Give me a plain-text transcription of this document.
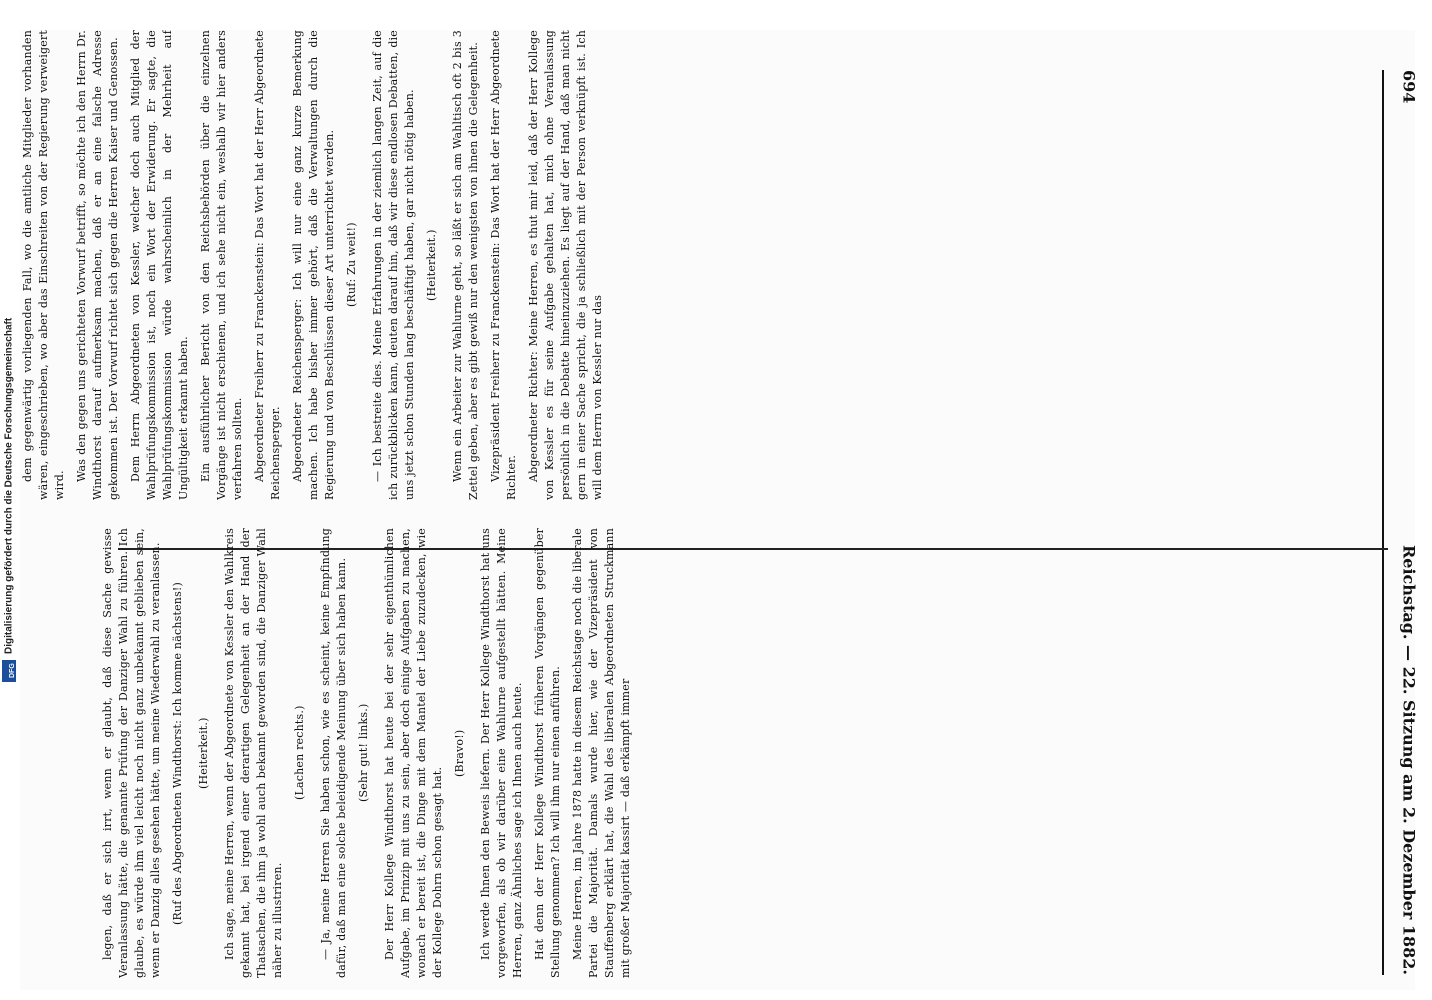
694
Reichstag. — 22. Sitzung am 2. Dezember 1882.

dem gegenwärtig vorliegenden Fall, wo die amtliche Mitglieder vorhanden wären, eingeschrieben, wo aber das Einschreiten von der Regierung verweigert wird.

Was den gegen uns gerichteten Vorwurf betrifft, so möchte ich den Herrn Dr. Windthorst darauf aufmerksam machen, daß er an eine falsche Adresse gekommen ist. Der Vorwurf richtet sich gegen die Herren Kaiser und Genossen. Dem Herrn Abgeordneten von Kessler, welcher doch auch Mitglied der Wahlprüfungskommission ist, noch ein Wort der Erwiderung. Er sagte, die Wahlprüfungskommission würde wahrscheinlich in der Mehrheit auf Ungültigkeit erkannt haben. Ein ausführlicher Bericht von den Reichsbehörden über die einzelnen Vorgänge ist nicht erschienen, und ich sehe nicht ein, weshalb wir hier anders verfahren sollten. Abgeordneter Freiherr zu Franckenstein: Das Wort hat der Herr Abgeordnete Reichensperger. Abgeordneter Reichensperger: Ich will nur eine ganz kurze Bemerkung machen. Ich habe bisher immer gehört, daß die Verwaltungen durch die Regierung und von Beschlüssen dieser Art unterrichtet werden. (Ruf: Zu weit!) — Ich bestreite dies. Meine Erfahrungen in der ziemlich langen Zeit, auf die ich zurückblicken kann, deuten darauf hin, daß wir diese endlosen Debatten, die uns jetzt schon Stunden lang beschäftigt haben, gar nicht nötig haben. (Heiterkeit.) Wenn ein Arbeiter zur Wahlurne geht, so läßt er sich am Wahltisch oft 2 bis 3 Zettel geben, aber es gibt gewiß nur den wenigsten von ihnen die Gelegenheit. Vizepräsident Freiherr zu Franckenstein: Das Wort hat der Herr Abgeordnete Richter. Abgeordneter Richter: Meine Herren, es thut mir leid, daß der Herr Kollege von Kessler es für seine Aufgabe gehalten hat, mich ohne Veranlassung persönlich in die Debatte hineinzuziehen. Es liegt auf der Hand, daß man nicht gern in einer Sache spricht, die ja schließlich mit der Person verknüpft ist. Ich will dem Herrn von Kessler nur das

legen, daß er sich irrt, wenn er glaubt, daß diese Sache gewisse Veranlassung hätte, die genannte Prüfung der Danziger Wahl zu führen. Ich glaube, es würde ihm viel leicht noch nicht ganz unbekannt geblieben sein, wenn er Danzig alles gesehen hätte, um meine Wiederwahl zu veranlassen. (Ruf des Abgeordneten Windthorst: Ich komme nächstens!) (Heiterkeit.) Ich sage, meine Herren, wenn der Abgeordnete von Kessler den Wahlkreis gekannt hat, bei irgend einer derartigen Gelegenheit an der Hand der Thatsachen, die ihm ja wohl auch bekannt geworden sind, die Danziger Wahl näher zu illustriren.

(Lachen rechts.) — Ja, meine Herren Sie haben schon, wie es scheint, keine Empfindung dafür, daß man eine solche beleidigende Meinung über sich haben kann. (Sehr gut! links.) Der Herr Kollege Windthorst hat heute bei der sehr eigenthümlichen Aufgabe, im Prinzip mit uns zu sein, aber doch einige Aufgaben zu machen, wonach er bereit ist, die Dinge mit dem Mantel der Liebe zuzudecken, wie der Kollege Dohrn schon gesagt hat.

(Bravo!) Ich werde Ihnen den Beweis liefern. Der Herr Kollege Windthorst hat uns vorgeworfen, als ob wir darüber eine Wahlurne aufgestellt hätten. Meine Herren, ganz Ähnliches sage ich Ihnen auch heute. Hat denn der Herr Kollege Windthorst früheren Vorgängen gegenüber Stellung genommen? Ich will ihm nur einen anführen. Meine Herren, im Jahre 1878 hatte in diesem Reichstage noch die liberale Partei die Majorität. Damals wurde hier, wie der Vizepräsident von Stauffenberg erklärt hat, die Wahl des liberalen Abgeordneten Struckmann mit großer Majorität kassirt — daß erkämpft immer

DFG
Digitalisierung gefördert durch die Deutsche Forschungsgemeinschaft
